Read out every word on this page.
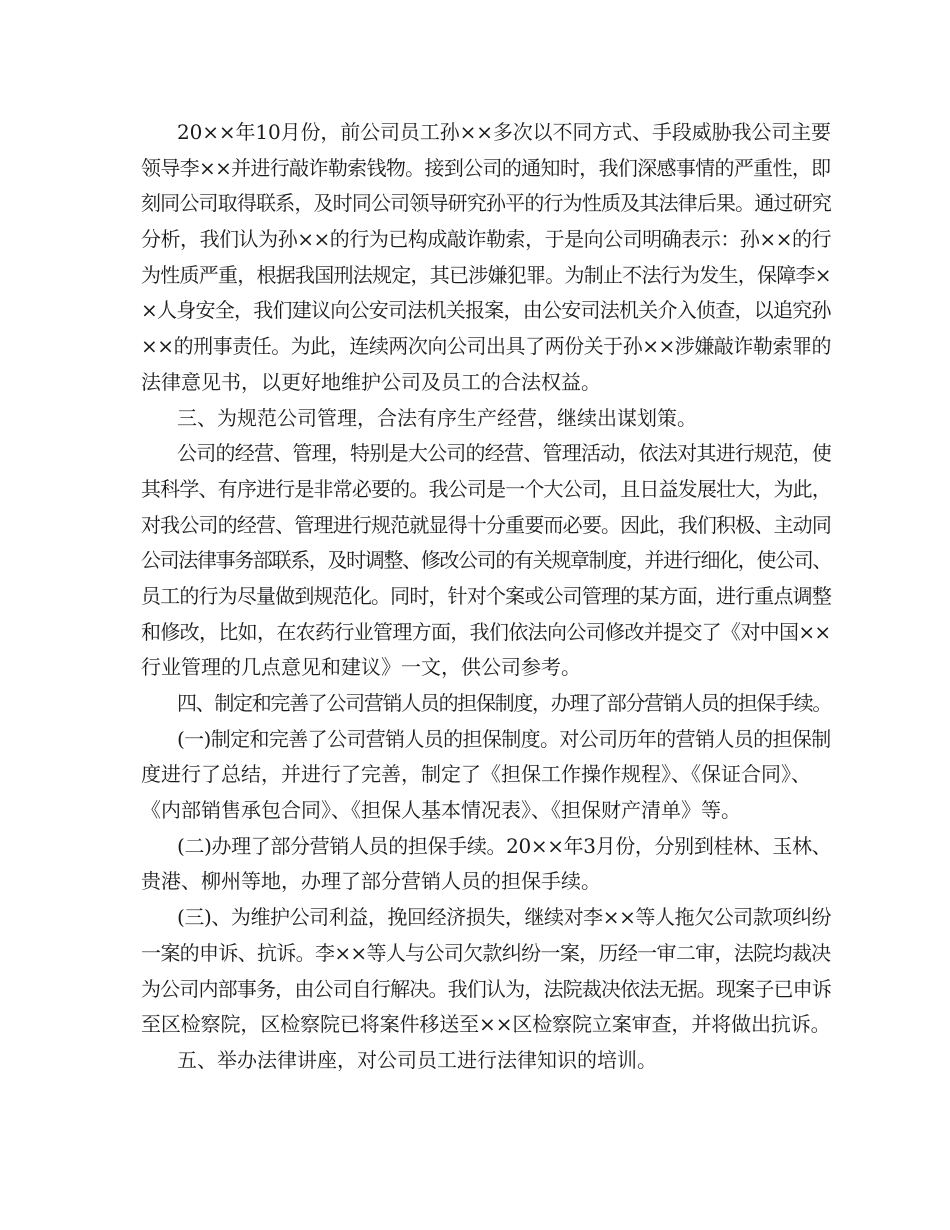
20××年10月份，前公司员工孙××多次以不同方式、手段威胁我公司主要
领导李××并进行敲诈勒索钱物。接到公司的通知时，我们深感事情的严重性，即
刻同公司取得联系，及时同公司领导研究孙平的行为性质及其法律后果。通过研究
分析，我们认为孙××的行为已构成敲诈勒索，于是向公司明确表示：孙××的行
为性质严重，根据我国刑法规定，其已涉嫌犯罪。为制止不法行为发生，保障李×
×人身安全，我们建议向公安司法机关报案，由公安司法机关介入侦查，以追究孙
××的刑事责任。为此，连续两次向公司出具了两份关于孙××涉嫌敲诈勒索罪的
法律意见书，以更好地维护公司及员工的合法权益。
三、为规范公司管理，合法有序生产经营，继续出谋划策。
公司的经营、管理，特别是大公司的经营、管理活动，依法对其进行规范，使
其科学、有序进行是非常必要的。我公司是一个大公司，且日益发展壮大，为此，
对我公司的经营、管理进行规范就显得十分重要而必要。因此，我们积极、主动同
公司法律事务部联系，及时调整、修改公司的有关规章制度，并进行细化，使公司、
员工的行为尽量做到规范化。同时，针对个案或公司管理的某方面，进行重点调整
和修改，比如，在农药行业管理方面，我们依法向公司修改并提交了《对中国××
行业管理的几点意见和建议》一文，供公司参考。
四、制定和完善了公司营销人员的担保制度，办理了部分营销人员的担保手续。
(一)制定和完善了公司营销人员的担保制度。对公司历年的营销人员的担保制
度进行了总结，并进行了完善，制定了《担保工作操作规程》、《保证合同》、
《内部销售承包合同》、《担保人基本情况表》、《担保财产清单》等。
(二)办理了部分营销人员的担保手续。20××年3月份，分别到桂林、玉林、
贵港、柳州等地，办理了部分营销人员的担保手续。
(三)、为维护公司利益，挽回经济损失，继续对李××等人拖欠公司款项纠纷
一案的申诉、抗诉。李××等人与公司欠款纠纷一案，历经一审二审，法院均裁决
为公司内部事务，由公司自行解决。我们认为，法院裁决依法无据。现案子已申诉
至区检察院，区检察院已将案件移送至××区检察院立案审查，并将做出抗诉。
五、举办法律讲座，对公司员工进行法律知识的培训。
